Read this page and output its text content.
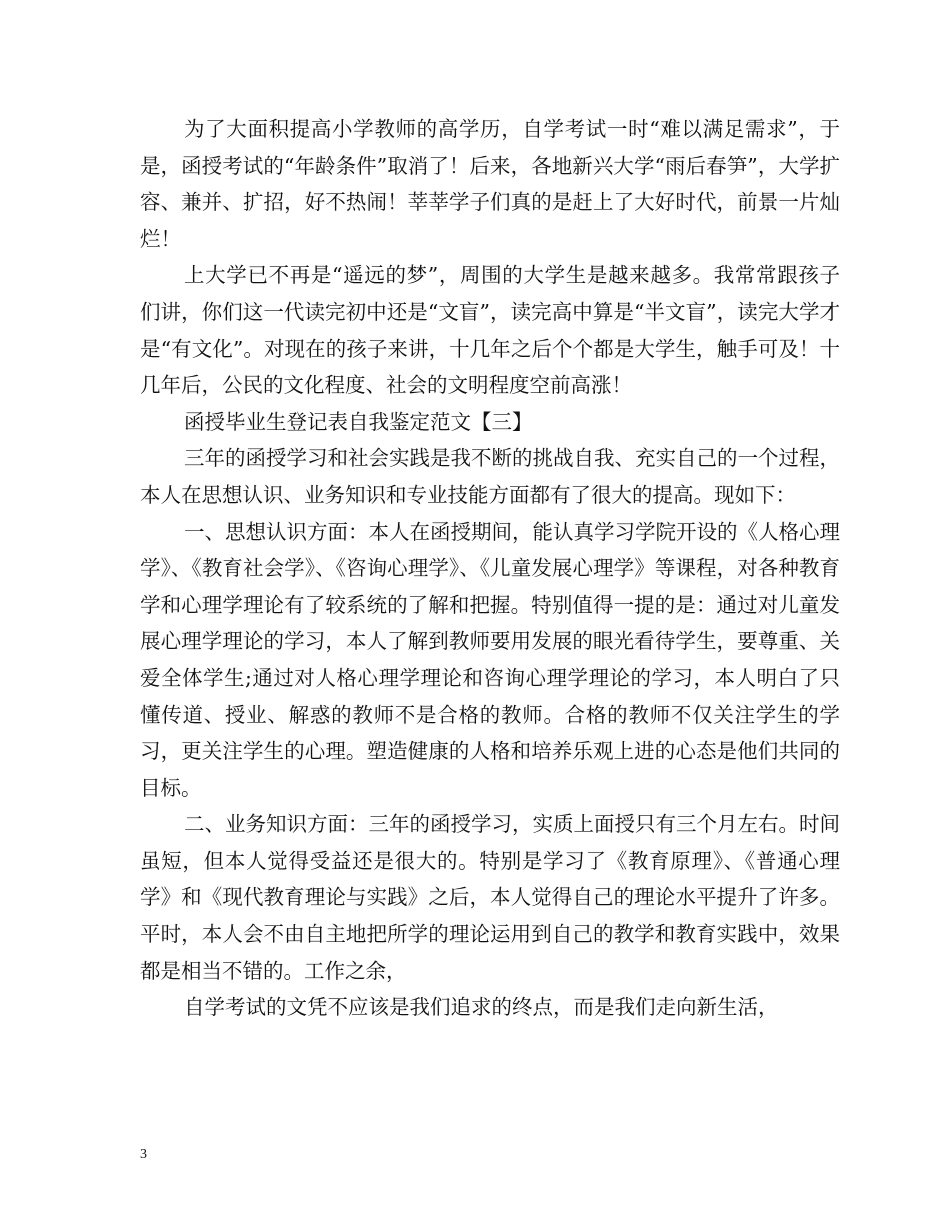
为了大面积提高小学教师的高学历，自学考试一时“难以满足需求”，于是，函授考试的“年龄条件”取消了！后来，各地新兴大学“雨后春笋”，大学扩容、兼并、扩招，好不热闹！莘莘学子们真的是赶上了大好时代，前景一片灿烂！

上大学已不再是“遥远的梦”，周围的大学生是越来越多。我常常跟孩子们讲，你们这一代读完初中还是“文盲”，读完高中算是“半文盲”，读完大学才是“有文化”。对现在的孩子来讲，十几年之后个个都是大学生，触手可及！十几年后，公民的文化程度、社会的文明程度空前高涨！

函授毕业生登记表自我鉴定范文【三】

三年的函授学习和社会实践是我不断的挑战自我、充实自己的一个过程，本人在思想认识、业务知识和专业技能方面都有了很大的提高。现如下：

一、思想认识方面：本人在函授期间，能认真学习学院开设的《人格心理学》、《教育社会学》、《咨询心理学》、《儿童发展心理学》等课程，对各种教育学和心理学理论有了较系统的了解和把握。特别值得一提的是：通过对儿童发展心理学理论的学习，本人了解到教师要用发展的眼光看待学生，要尊重、关爱全体学生;通过对人格心理学理论和咨询心理学理论的学习，本人明白了只懂传道、授业、解惑的教师不是合格的教师。合格的教师不仅关注学生的学习，更关注学生的心理。塑造健康的人格和培养乐观上进的心态是他们共同的目标。

二、业务知识方面：三年的函授学习，实质上面授只有三个月左右。时间虽短，但本人觉得受益还是很大的。特别是学习了《教育原理》、《普通心理学》和《现代教育理论与实践》之后，本人觉得自己的理论水平提升了许多。平时，本人会不由自主地把所学的理论运用到自己的教学和教育实践中，效果都是相当不错的。工作之余，

自学考试的文凭不应该是我们追求的终点，而是我们走向新生活，

3
